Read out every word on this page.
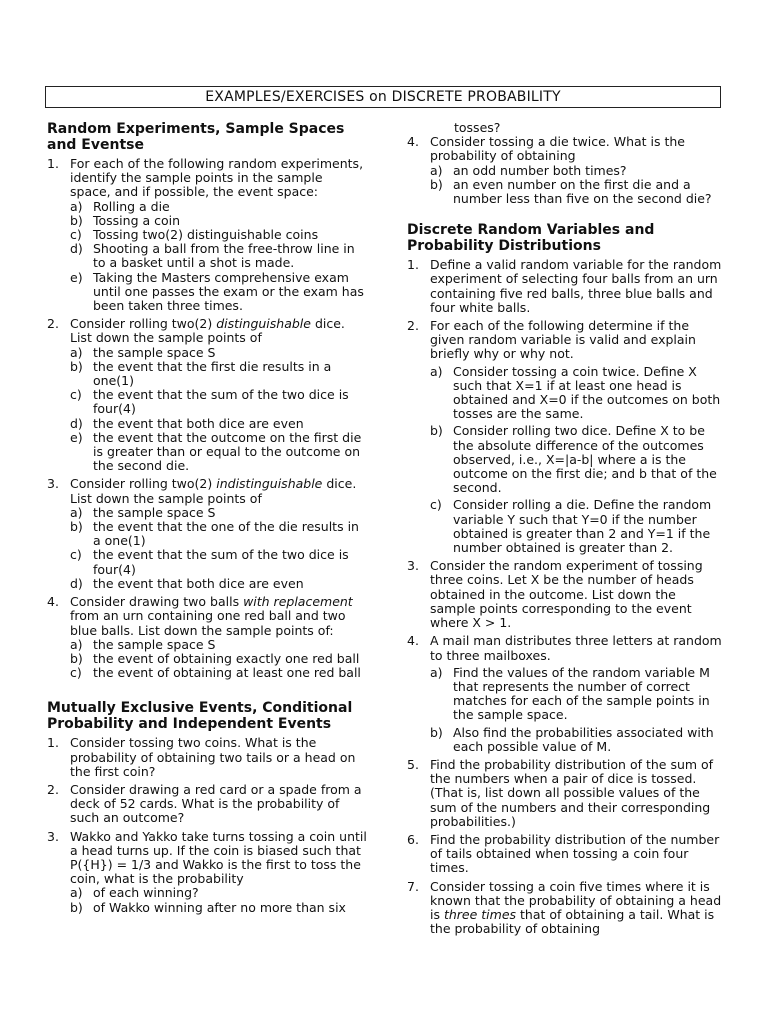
EXAMPLES/EXERCISES on DISCRETE PROBABILITY
Random Experiments, Sample Spaces and Eventse
1. For each of the following random experiments, identify the sample points in the sample space, and if possible, the event space:
a) Rolling a die
b) Tossing a coin
c) Tossing two(2) distinguishable coins
d) Shooting a ball from the free-throw line in to a basket until a shot is made.
e) Taking the Masters comprehensive exam until one passes the exam or the exam has been taken three times.
2. Consider rolling two(2) distinguishable dice. List down the sample points of
a) the sample space S
b) the event that the first die results in a one(1)
c) the event that the sum of the two dice is four(4)
d) the event that both dice are even
e) the event that the outcome on the first die is greater than or equal to the outcome on the second die.
3. Consider rolling two(2) indistinguishable dice. List down the sample points of
a) the sample space S
b) the event that the one of the die results in a one(1)
c) the event that the sum of the two dice is four(4)
d) the event that both dice are even
4. Consider drawing two balls with replacement from an urn containing one red ball and two blue balls. List down the sample points of:
a) the sample space S
b) the event of obtaining exactly one red ball
c) the event of obtaining at least one red ball
Mutually Exclusive Events, Conditional Probability and Independent Events
1. Consider tossing two coins. What is the probability of obtaining two tails or a head on the first coin?
2. Consider drawing a red card or a spade from a deck of 52 cards. What is the probability of such an outcome?
3. Wakko and Yakko take turns tossing a coin until a head turns up. If the coin is biased such that P({H}) = 1/3 and Wakko is the first to toss the coin, what is the probability
a) of each winning?
b) of Wakko winning after no more than six
tosses?
4. Consider tossing a die twice. What is the probability of obtaining
a) an odd number both times?
b) an even number on the first die and a number less than five on the second die?
Discrete Random Variables and Probability Distributions
1. Define a valid random variable for the random experiment of selecting four balls from an urn containing five red balls, three blue balls and four white balls.
2. For each of the following determine if the given random variable is valid and explain briefly why or why not.
a) Consider tossing a coin twice. Define X such that X=1 if at least one head is obtained and X=0 if the outcomes on both tosses are the same.
b) Consider rolling two dice. Define X to be the absolute difference of the outcomes observed, i.e., X=|a-b| where a is the outcome on the first die; and b that of the second.
c) Consider rolling a die. Define the random variable Y such that Y=0 if the number obtained is greater than 2 and Y=1 if the number obtained is greater than 2.
3. Consider the random experiment of tossing three coins. Let X be the number of heads obtained in the outcome. List down the sample points corresponding to the event where X > 1.
4. A mail man distributes three letters at random to three mailboxes.
a) Find the values of the random variable M that represents the number of correct matches for each of the sample points in the sample space.
b) Also find the probabilities associated with each possible value of M.
5. Find the probability distribution of the sum of the numbers when a pair of dice is tossed. (That is, list down all possible values of the sum of the numbers and their corresponding probabilities.)
6. Find the probability distribution of the number of tails obtained when tossing a coin four times.
7. Consider tossing a coin five times where it is known that the probability of obtaining a head is three times that of obtaining a tail. What is the probability of obtaining
